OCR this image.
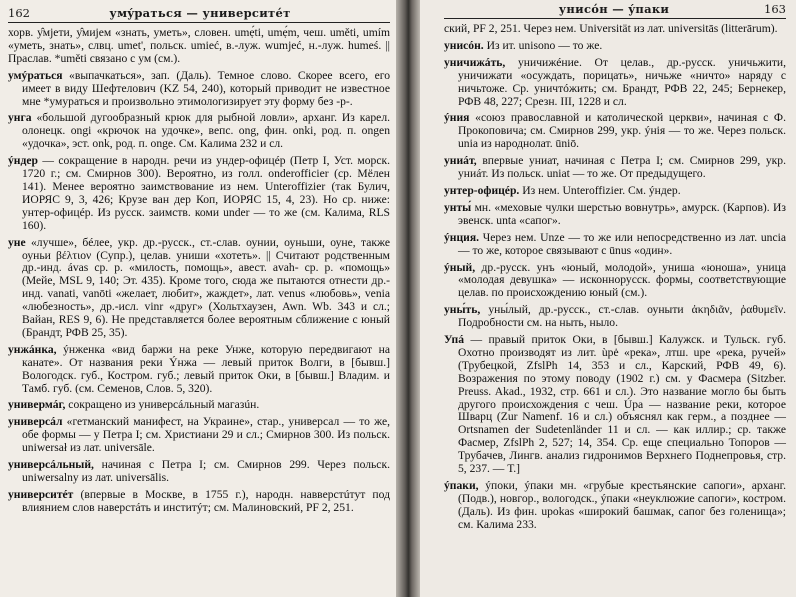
162	умýраться — университéт

хорв. у̂мjети, у̂миjем «знать, уметь», словен. umẹ́ti, umẹ́m, чеш. uměti, umím «уметь, знать», слвц. umet', польск. umieć, в.-луж. wumjeć, н.-луж. humeś. || Праслав. *uměti связано с ум (см.).

умýраться «выпачкаться», зап. (Даль). Темное слово. Скорее всего, его имеет в виду Шефтелович (KZ 54, 240), который приводит не известное мне *умураться и произвольно этимологизирует эту форму без -р-.

унга «большой дугообразный крюк для рыбной ловли», арханг. Из карел. олонецк. ongi «крючок на удочке», вепс. ong, фин. onki, род. п. ongen «удочка», эст. onk, род. п. onge. См. Калима 232 и сл.

ýндер — сокращение в народн. речи из ундер-офицéр (Петр I, Уст. морск. 1720 г.; см. Смирнов 300). Вероятно, из голл. onderofficier (ср. Мёлен 141). Менее вероятно заимствование из нем. Unteroffizier (так Булич, ИОРЯС 9, 3, 426; Крузе ван дер Коп, ИОРЯС 15, 4, 23). Но ср. ниже: унтер-офицéр. Из русск. заимств. коми under — то же (см. Калима, RLS 160).

уне «лучше», бéлее, укр. др.-русск., ст.-слав. оунии, оуньши, оуне, также оуньи βέλτιον (Супр.), целав. униши «хотеть». || Считают родственным др.-инд. ávas ср. р. «милость, помощь», авест. avah- ср. р. «помощь» (Мейе, MSL 9, 140; Эт. 435). Кроме того, сюда же пытаются отнести др.-инд. vanati, vanōti «желает, любит», жаждет», лат. venus «любовь», venia «любезность», др.-исл. vinr «друг» (Хольтхаузен, Awn. Wb. 343 и сл.; Вайан, RES 9, 6). Не представляется более вероятным сближение с юный (Брандт, РФВ 25, 35).

унжáнка, ýнженка «вид баржи на реке Унже, которую передвигают на канате». От названия реки Ýнжа — левый приток Волги, в [бывш.] Вологодск. губ., Костром. губ.; левый приток Оки, в [бывш.] Владим. и Тамб. губ. (см. Семенов, Слов. 5, 320).

универмáг, сокращено из универсáльный магазúн.

универсáл «гетманский манифест, на Украине», стар., универсал — то же, обе формы — у Петра I; см. Христиани 29 и сл.; Смирнов 300. Из польск. uniwersał из лат. universāle.

универсáльный, начиная с Петра I; см. Смирнов 299. Через польск. uniwersalny из лат. universālis.

университéт (впервые в Москве, в 1755 г.), народн. навверстúтут под влиянием слов наверстáть и инститýт; см. Малиновский, PF 2, 251.

унисóн — ýпаки	163

ский, PF 2, 251. Через нем. Universität из лат. universitās (litterārum).

унисóн. Из ит. unisono — то же.

уничижáть, уничижéние. От целав., др.-русск. уничьжити, уничижати «осуждать, порицать», ничьже «ничто» наряду с ничьтоже. Ср. уничтóжить; см. Брандт, РФВ 22, 245; Бернекер, РФВ 48, 227; Срезн. III, 1228 и сл.

ýния «союз православной и католической церкви», начиная с Ф. Прокоповича; см. Смирнов 299, укр. ýнiя — то же. Через польск. unia из народнолат. ūniō.

униáт, впервые униат, начиная с Петра I; см. Смирнов 299, укр. униáт. Из польск. uniat — то же. От предыдущего.

унтер-офицéр. Из нем. Unteroffizier. См. ýндер.

унты́ мн. «меховые чулки шерстью вовнутрь», амурск. (Карпов). Из эвенск. unta «сапог».

ýнция. Через нем. Unze — то же или непосредственно из лат. uncia — то же, которое связывают с ūnus «один».

ýный, др.-русск. унъ «юный, молодой», униша «юноша», уница «молодая девушка» — исконнорусск. формы, соответствующие целав. по происхождению юный (см.).

уны́ть, уны́лый, др.-русск., ст.-слав. оуныти ἀκηδιᾶν, ῥαθυμεῖν. Подробности см. на ныть, ныло.

Упá — правый приток Оки, в [бывш.] Калужск. и Тульск. губ. Охотно производят из лит. ùpė «река», лтш. upe «река, ручей» (Трубецкой, ZfslPh 14, 353 и сл., Карский, РФВ 49, 6). Возражения по этому поводу (1902 г.) см. у Фасмера (Sitzber. Preuss. Akad., 1932, стр. 661 и сл.). Это название могло бы быть другого происхождения с чеш. Úpa — название реки, которое Шварц (Zur Namenf. 16 и сл.) объяснял как герм., а позднее — Ortsnamen der Sudetenländer 11 и сл. — как иллир.; ср. также Фасмер, ZfslPh 2, 527; 14, 354. Ср. еще специально Топоров — Трубачев, Лингв. анализ гидронимов Верхнего Поднепровья, стр. 5, 237. — Т.]

ýпаки, ýпоки, ýпаки мн. «грубые крестьянские сапоги», арханг. (Подв.), новгор., вологодск., ýпаки «неуклюжие сапоги», костром. (Даль). Из фин. upokas «широкий башмак, сапог без голенища»; см. Калима 233.
